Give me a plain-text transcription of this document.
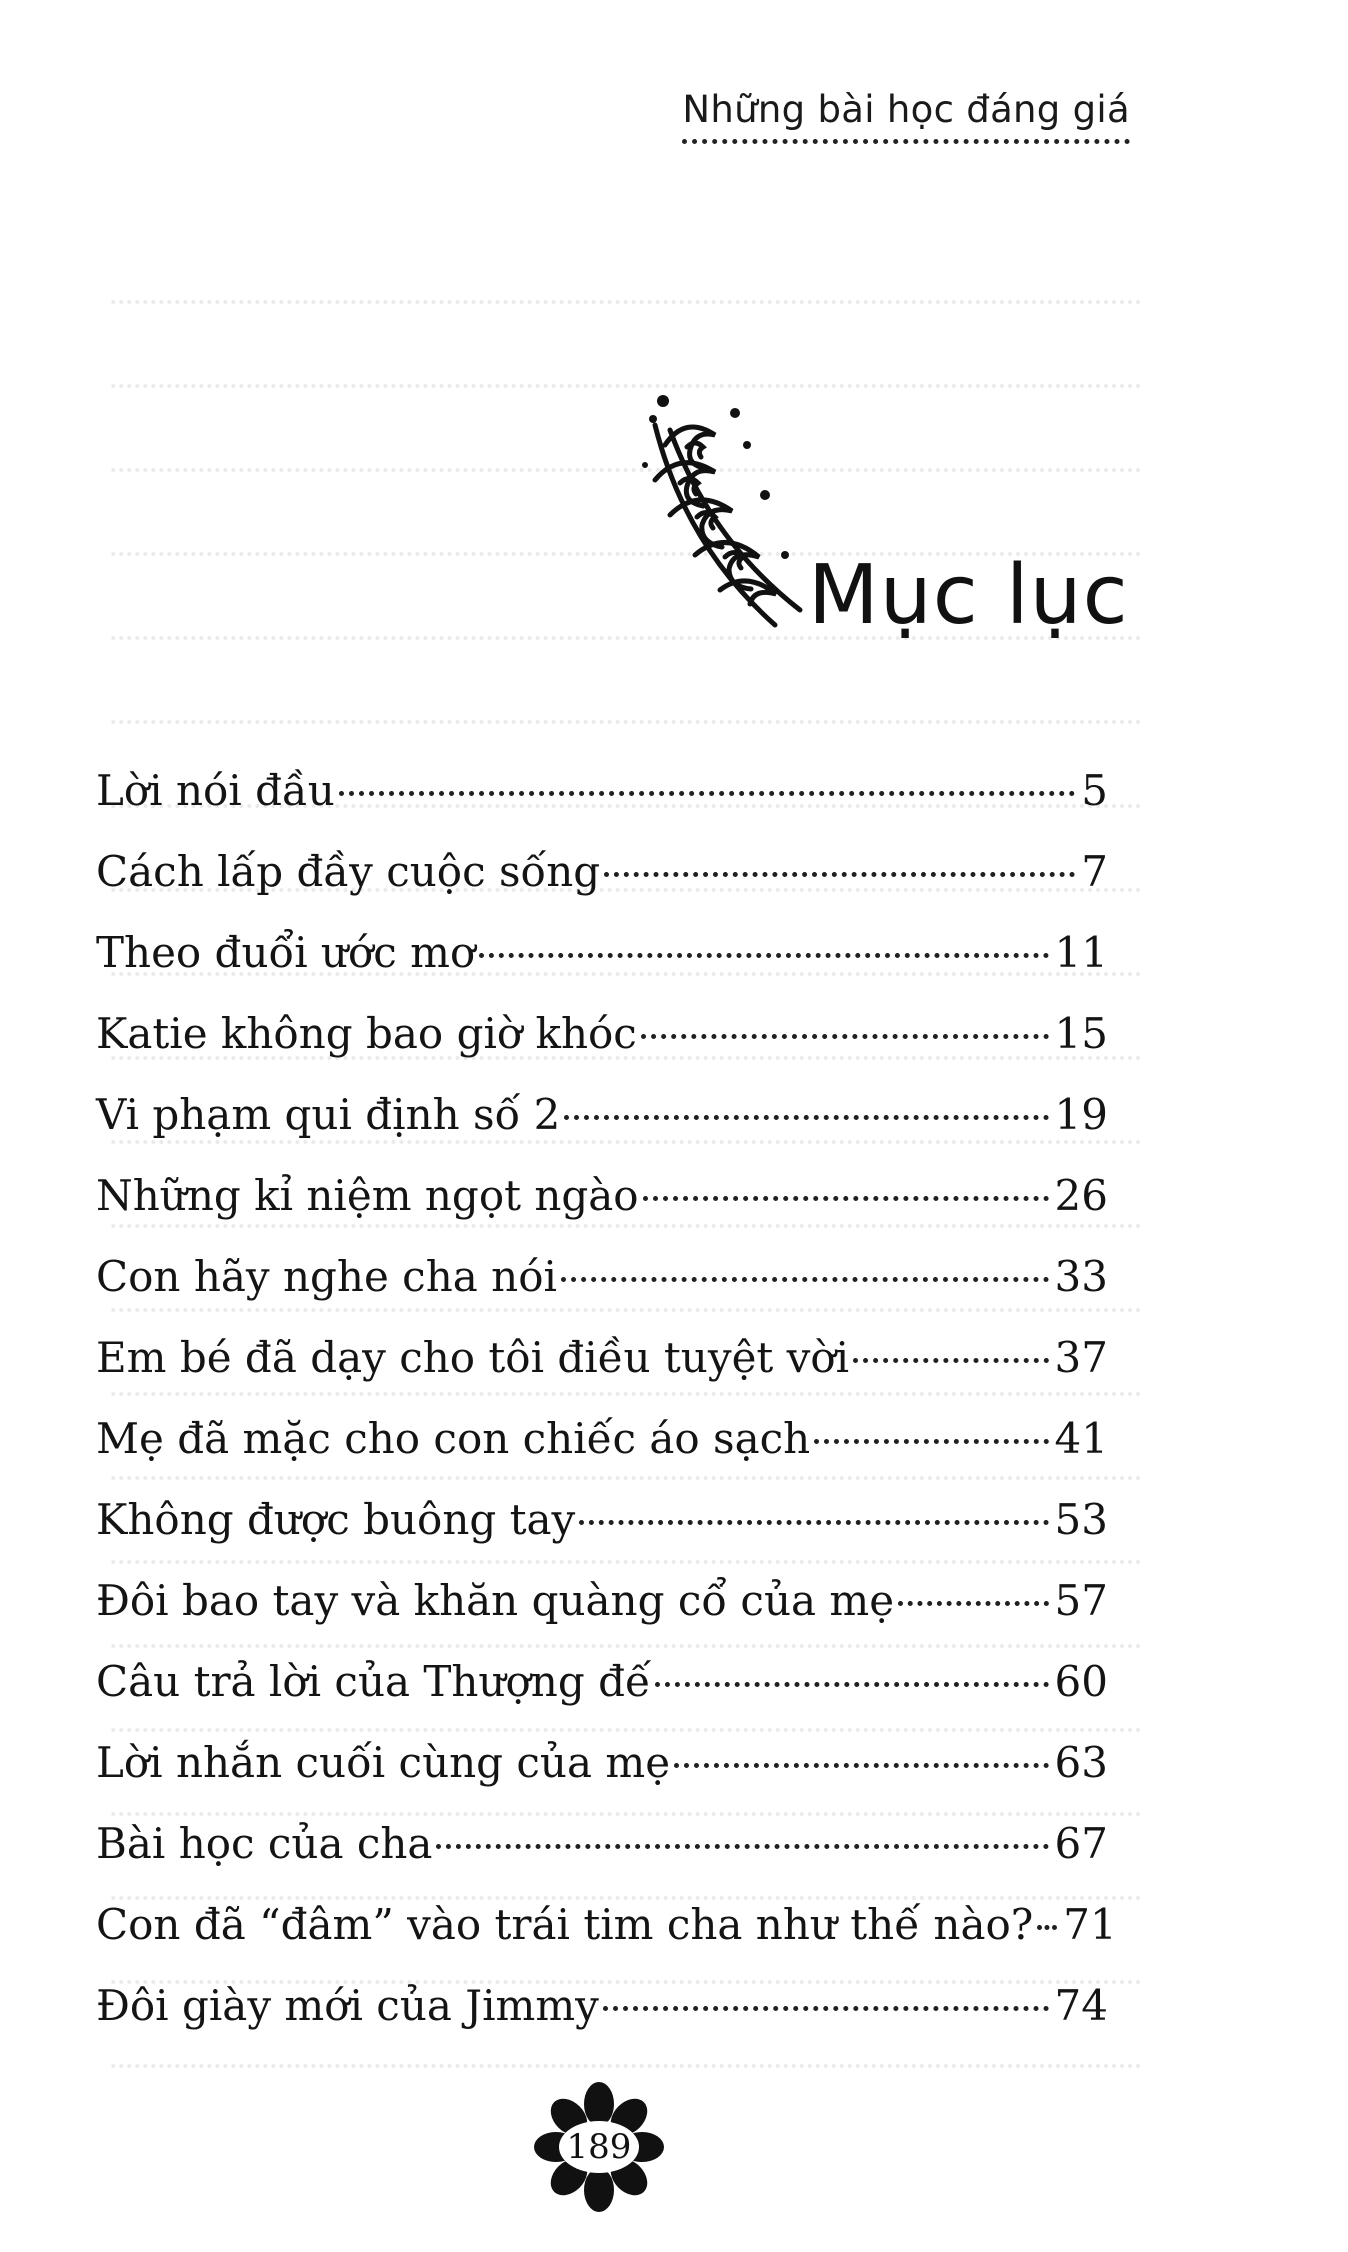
Những bài học đáng giá
Mục lục
Lời nói đầu	5
Cách lấp đầy cuộc sống	7
Theo đuổi ước mơ	11
Katie không bao giờ khóc	15
Vi phạm qui định số 2	19
Những kỉ niệm ngọt ngào	26
Con hãy nghe cha nói	33
Em bé đã dạy cho tôi điều tuyệt vời	37
Mẹ đã mặc cho con chiếc áo sạch	41
Không được buông tay	53
Đôi bao tay và khăn quàng cổ của mẹ	57
Câu trả lời của Thượng đế	60
Lời nhắn cuối cùng của mẹ	63
Bài học của cha	67
Con đã “đâm” vào trái tim cha như thế nào? 71
Đôi giày mới của Jimmy	74
189
